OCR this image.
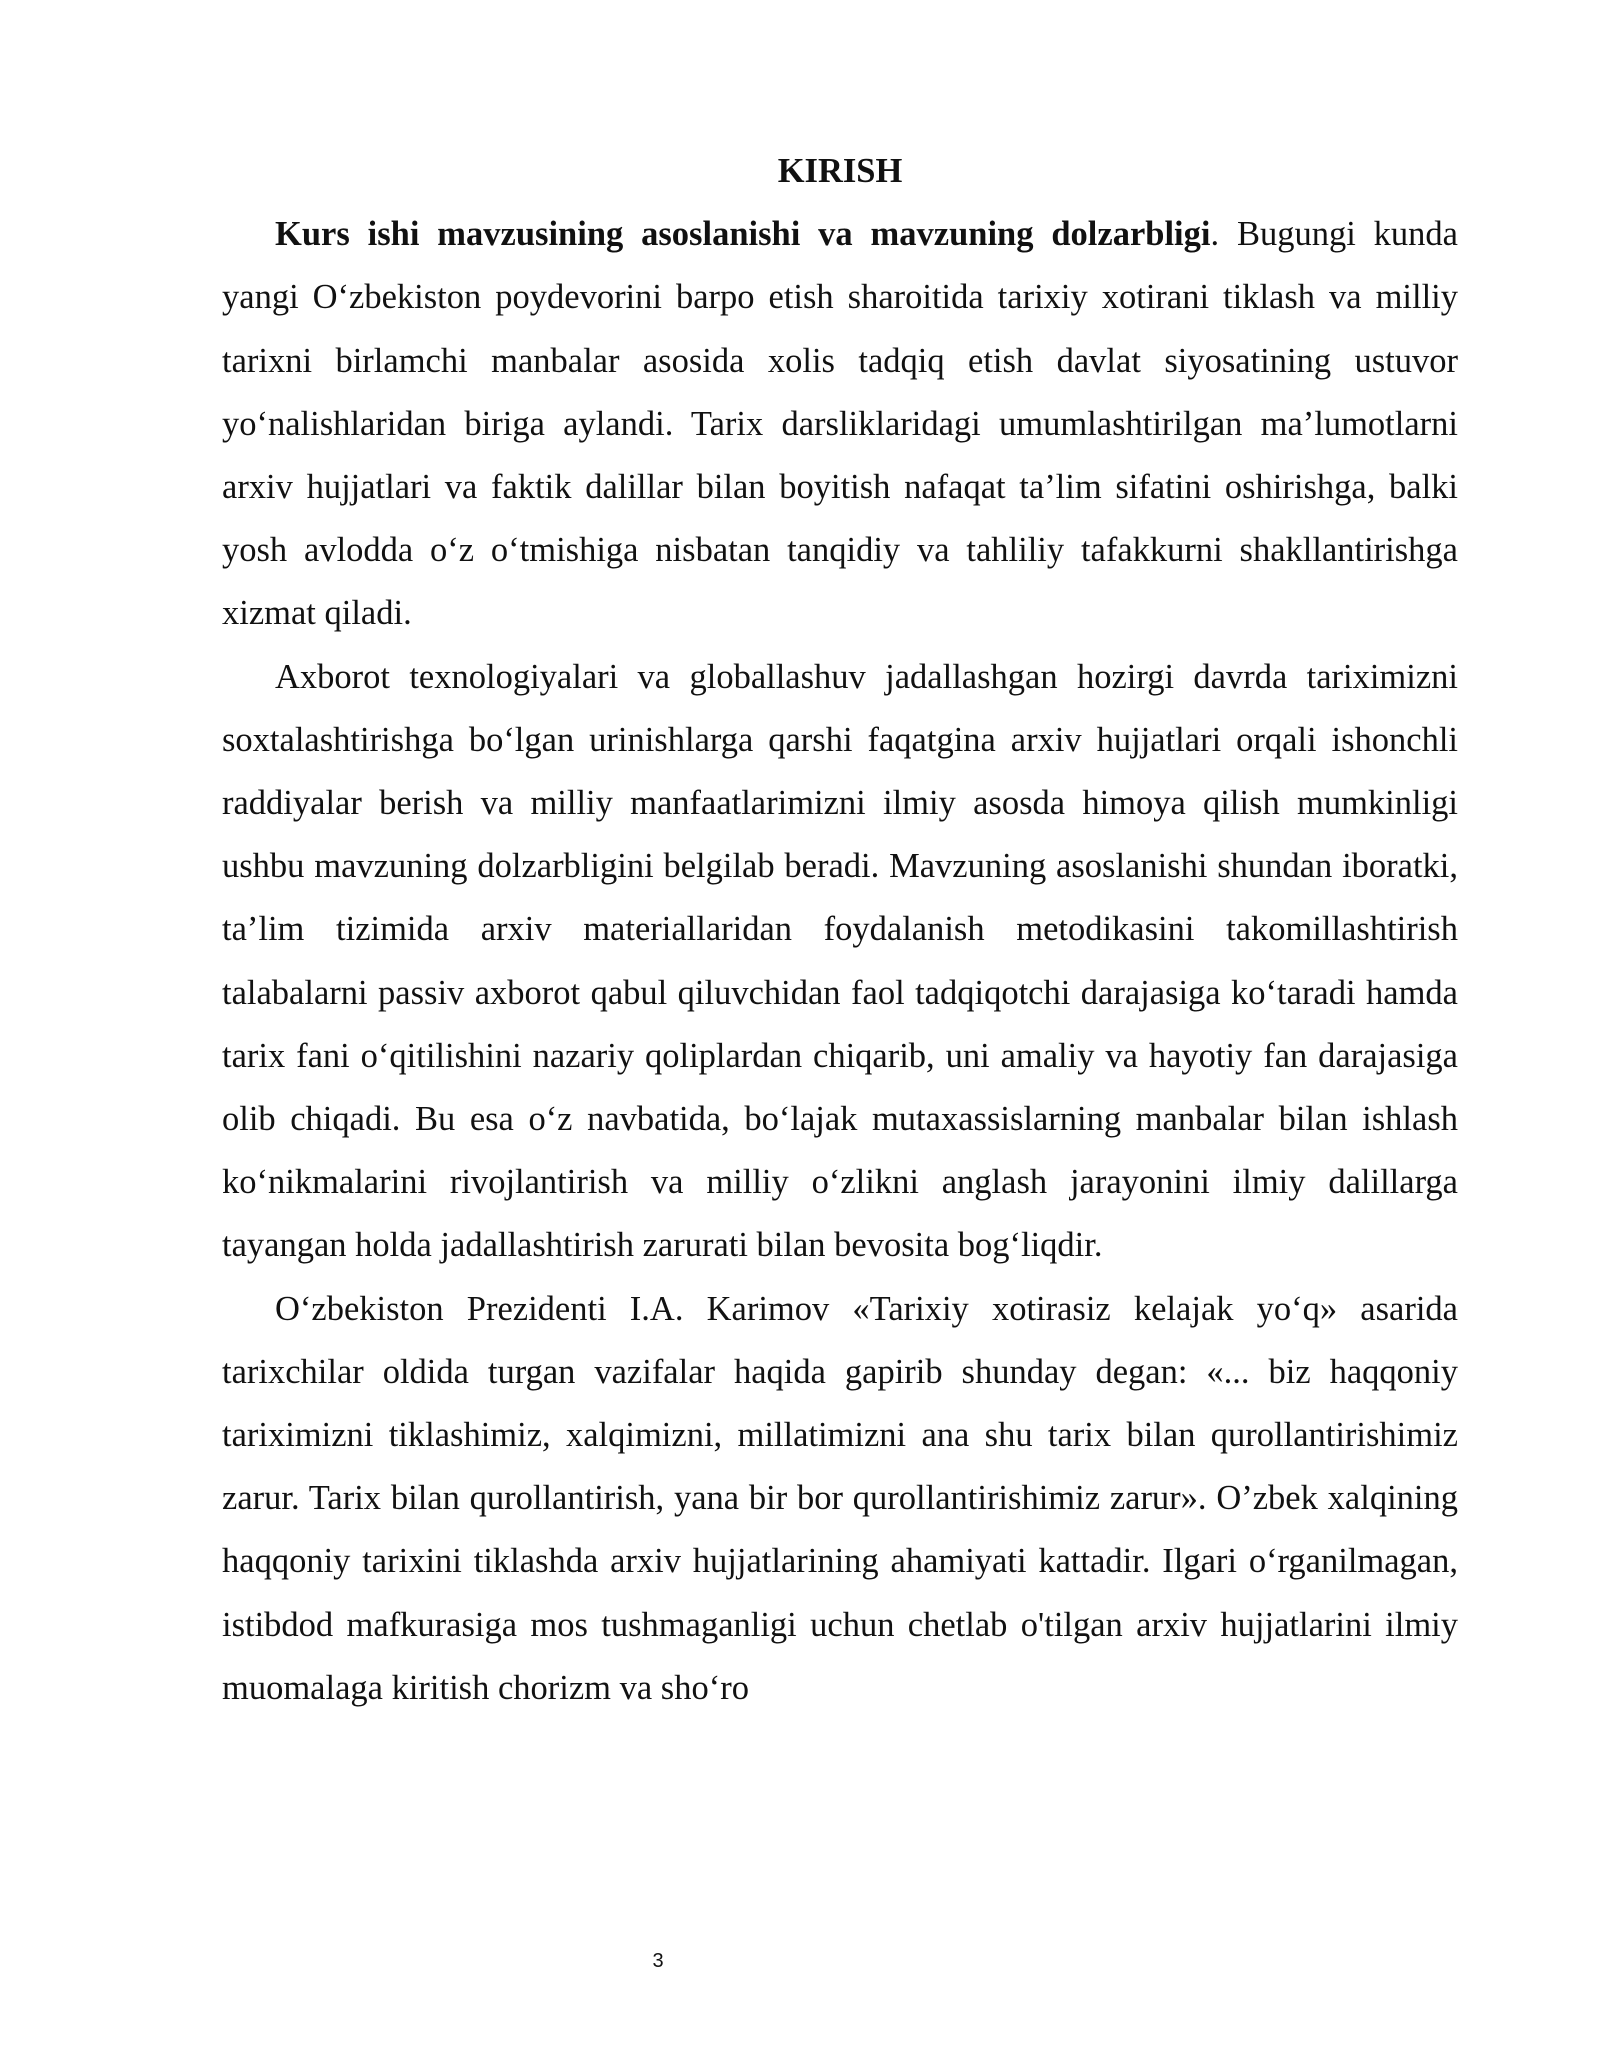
KIRISH

Kurs ishi mavzusining asoslanishi va mavzuning dolzarbligi. Bugungi kunda yangi O‘zbekiston poydevorini barpo etish sharoitida tarixiy xotirani tiklash va milliy tarixni birlamchi manbalar asosida xolis tadqiq etish davlat siyosatining ustuvor yo‘nalishlaridan biriga aylandi. Tarix darsliklaridagi umumlashtirilgan ma’lumotlarni arxiv hujjatlari va faktik dalillar bilan boyitish nafaqat ta’lim sifatini oshirishga, balki yosh avlodda o‘z o‘tmishiga nisbatan tanqidiy va tahliliy tafakkurni shakllantirishga xizmat qiladi.

Axborot texnologiyalari va globallashuv jadallashgan hozirgi davrda tariximizni soxtalashtirishga bo‘lgan urinishlarga qarshi faqatgina arxiv hujjatlari orqali ishonchli raddiyalar berish va milliy manfaatlarimizni ilmiy asosda himoya qilish mumkinligi ushbu mavzuning dolzarbligini belgilab beradi. Mavzuning asoslanishi shundan iboratki, ta’lim tizimida arxiv materiallaridan foydalanish metodikasini takomillashtirish talabalarni passiv axborot qabul qiluvchidan faol tadqiqotchi darajasiga ko‘taradi hamda tarix fani o‘qitilishini nazariy qoliplardan chiqarib, uni amaliy va hayotiy fan darajasiga olib chiqadi. Bu esa o‘z navbatida, bo‘lajak mutaxassislarning manbalar bilan ishlash ko‘nikmalarini rivojlantirish va milliy o‘zlikni anglash jarayonini ilmiy dalillarga tayangan holda jadallashtirish zarurati bilan bevosita bog‘liqdir.

O‘zbekiston Prezidenti I.A. Karimov «Tarixiy xotirasiz kelajak yo‘q» asarida tarixchilar oldida turgan vazifalar haqida gapirib shunday degan: «... biz haqqoniy tariximizni tiklashimiz, xalqimizni, millatimizni ana shu tarix bilan qurollantirishimiz zarur. Tarix bilan qurollantirish, yana bir bor qurollantirishimiz zarur». O’zbek xalqining haqqoniy tarixini tiklashda arxiv hujjatlarining ahamiyati kattadir. Ilgari o‘rganilmagan, istibdod mafkurasiga mos tushmaganligi uchun chetlab o'tilgan arxiv hujjatlarini ilmiy muomalaga kiritish chorizm va sho‘ro

3
